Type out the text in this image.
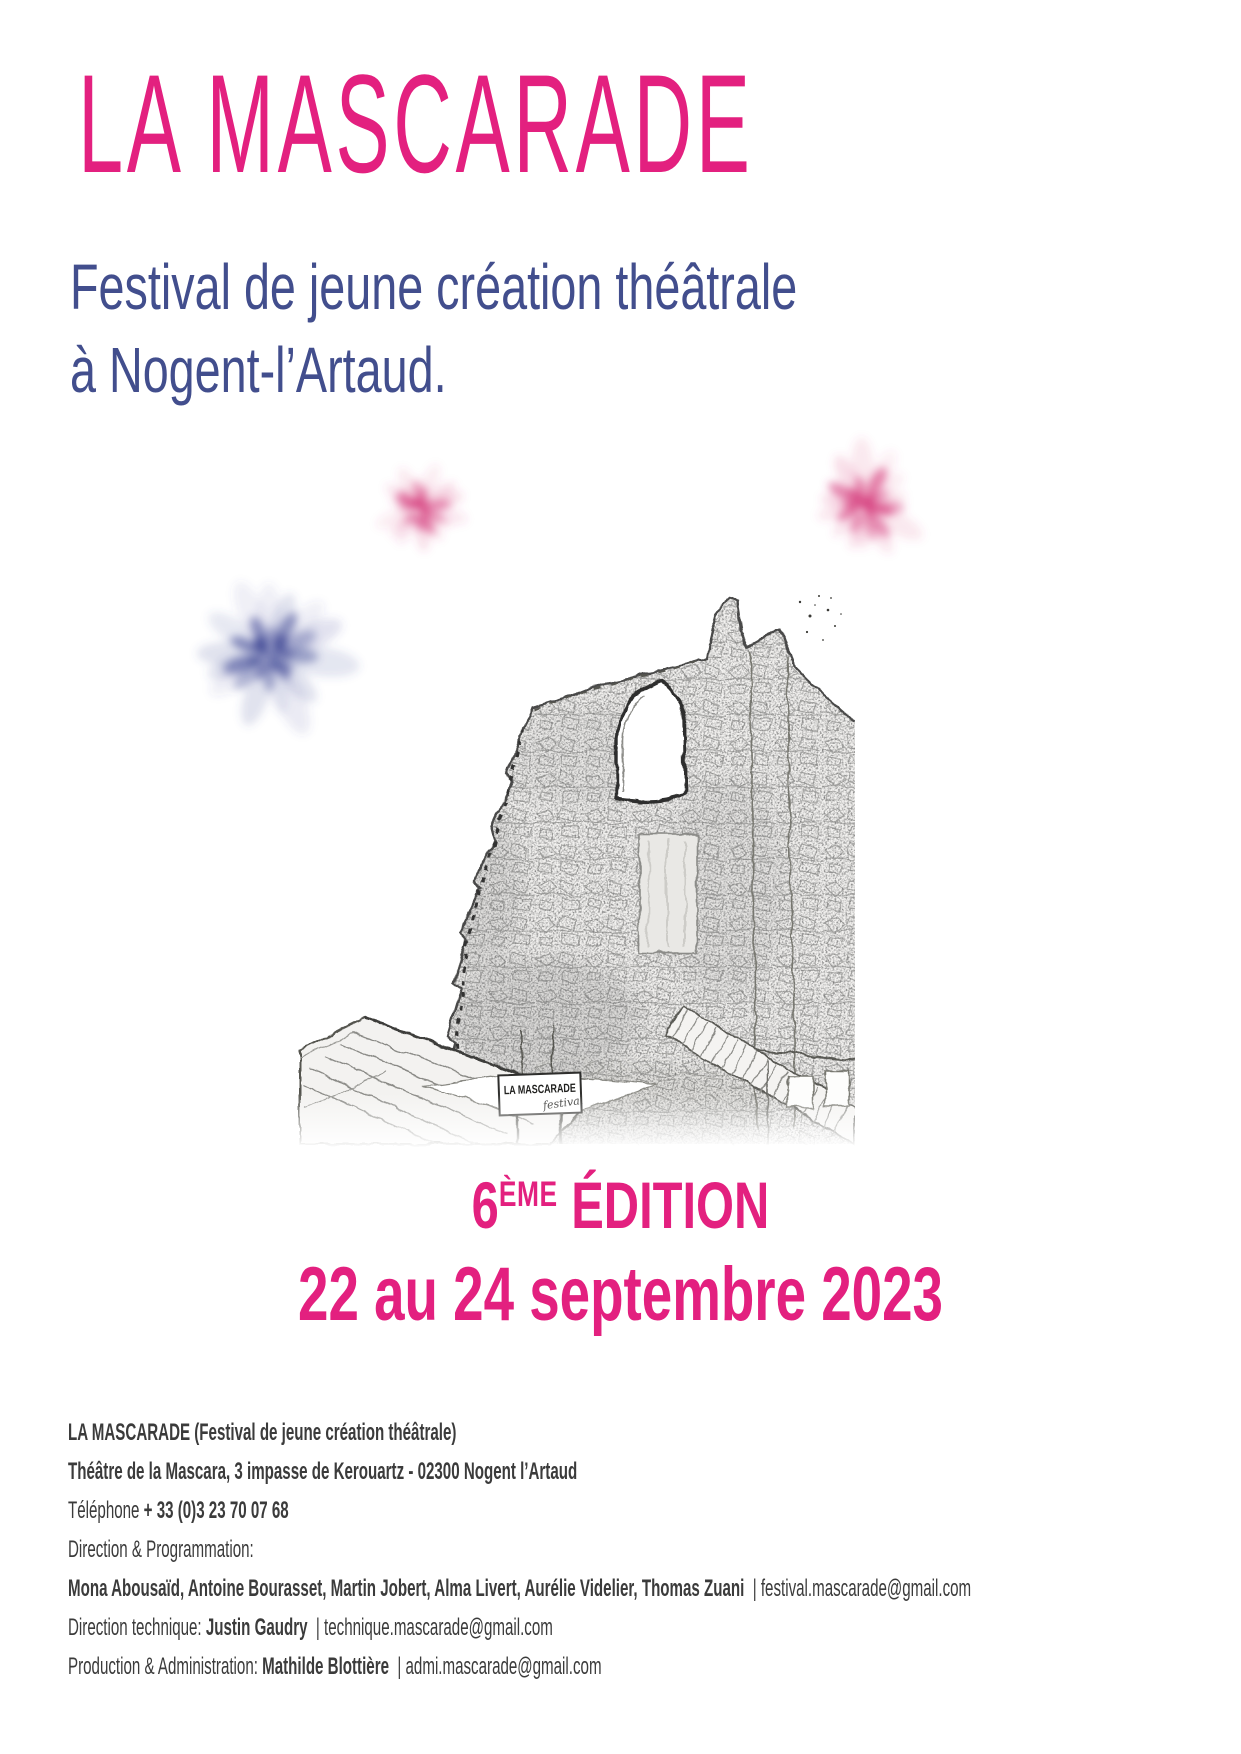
LA MASCARADE
Festival de jeune création théâtrale
à Nogent-l’Artaud.
LA MASCARADE
6ÈME ÉDITION
22 au 24 septembre 2023
LA MASCARADE (Festival de jeune création théâtrale)
Théâtre de la Mascara, 3 impasse de Kerouartz - 02300 Nogent l’Artaud
Téléphone + 33 (0)3 23 70 07 68
Direction & Programmation:
Mona Abousaïd, Antoine Bourasset, Martin Jobert, Alma Livert, Aurélie Videlier, Thomas Zuani  | festival.mascarade@gmail.com
Direction technique: Justin Gaudry  | technique.mascarade@gmail.com
Production & Administration: Mathilde Blottière  | admi.mascarade@gmail.com
